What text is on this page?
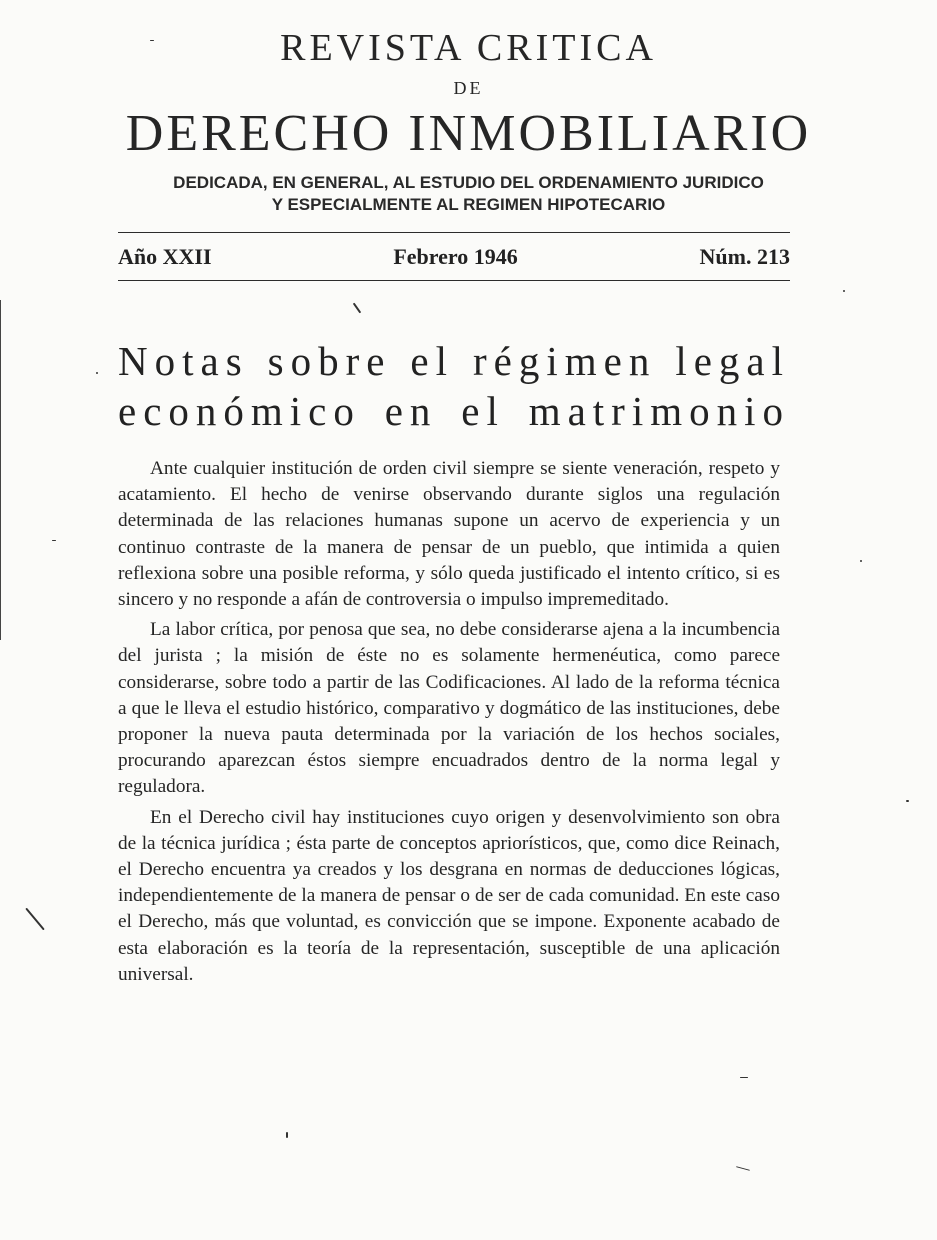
REVISTA CRITICA
DE
DERECHO INMOBILIARIO
DEDICADA, EN GENERAL, AL ESTUDIO DEL ORDENAMIENTO JURIDICO
Y ESPECIALMENTE AL REGIMEN HIPOTECARIO
Año XXII	Febrero 1946	Núm. 213
Notas sobre el régimen legal
económico en el matrimonio

Ante cualquier institución de orden civil siempre se siente veneración, respeto y acatamiento. El hecho de venirse observando durante siglos una regulación determinada de las relaciones humanas supone un acervo de experiencia y un continuo contraste de la manera de pensar de un pueblo, que intimida a quien reflexiona sobre una posible reforma, y sólo queda justificado el intento crítico, si es sincero y no responde a afán de controversia o impulso impremeditado.

La labor crítica, por penosa que sea, no debe considerarse ajena a la incumbencia del jurista ; la misión de éste no es solamente hermenéutica, como parece considerarse, sobre todo a partir de las Codificaciones. Al lado de la reforma técnica a que le lleva el estudio histórico, comparativo y dogmático de las instituciones, debe proponer la nueva pauta determinada por la variación de los hechos sociales, procurando aparezcan éstos siempre encuadrados dentro de la norma legal y reguladora.

En el Derecho civil hay instituciones cuyo origen y desenvolvimiento son obra de la técnica jurídica ; ésta parte de conceptos apriorísticos, que, como dice Reinach, el Derecho encuentra ya creados y los desgrana en normas de deducciones lógicas, independientemente de la manera de pensar o de ser de cada comunidad. En este caso el Derecho, más que voluntad, es convicción que se impone. Exponente acabado de esta elaboración es la teoría de la representación, susceptible de una aplicación universal.
